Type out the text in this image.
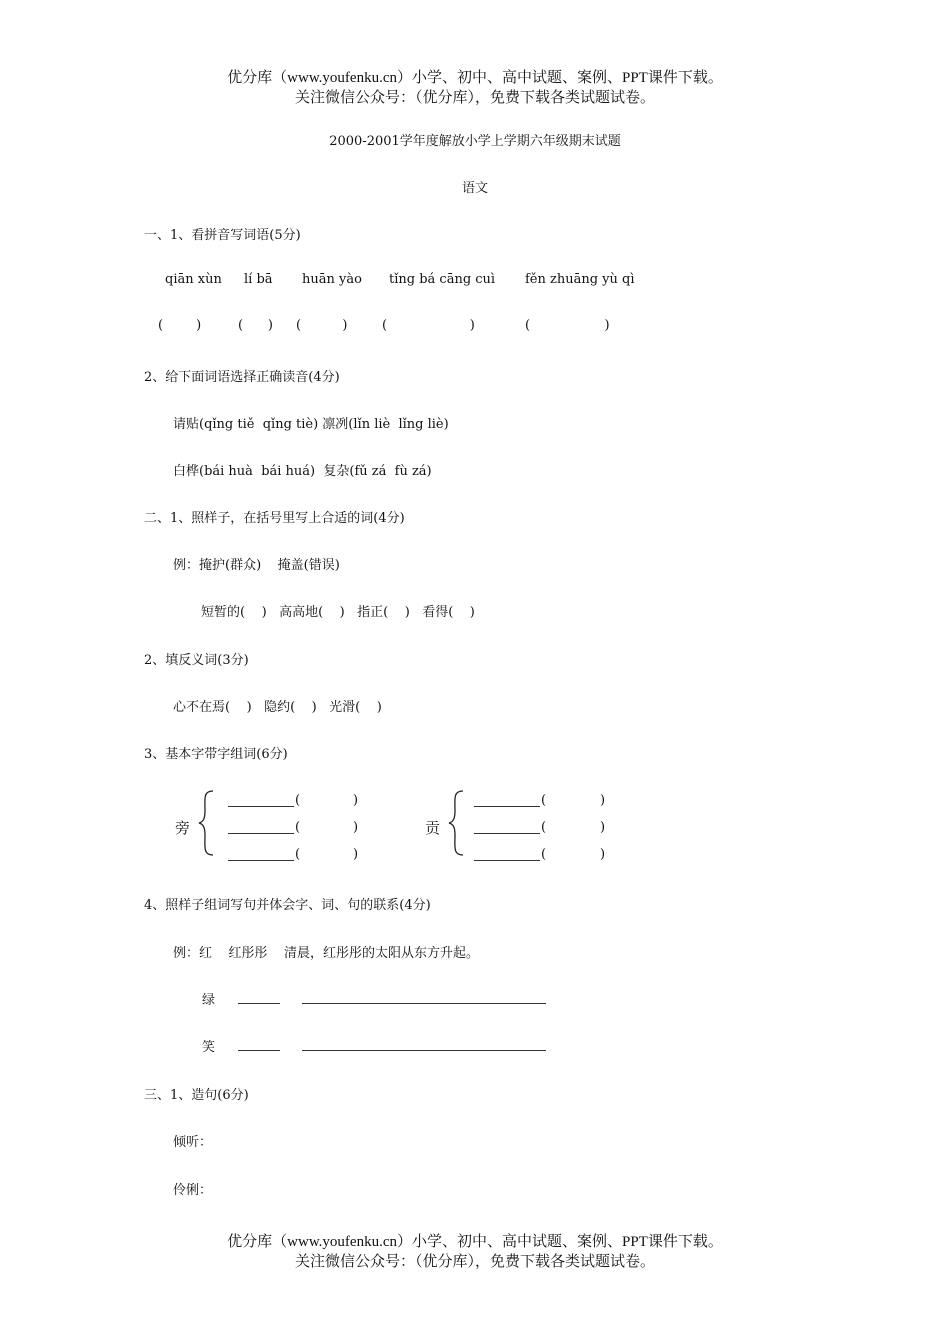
优分库（www.youfenku.cn）小学、初中、高中试题、案例、PPT课件下载。
关注微信公众号：（优分库），免费下载各类试题试卷。
2000-2001学年度解放小学上学期六年级期末试题
语文
一、1、看拼音写词语(5分)
qiān xùn lí bā huān yào tǐng bá cāng cuì fěn zhuāng yù qì
(        )	(      ) (          )	(                    )	(                  )
2、给下面词语选择正确读音(4分)
请贴(qǐng tiě  qǐng tiè) 凛冽(lǐn liè  lǐng liè)
白桦(bái huà  bái huá)  复杂(fǔ zá  fù zá)
二、1、照样子，在括号里写上合适的词(4分)
例：掩护(群众)    掩盖(错误)
短暂的(    )   高高地(    )   指正(    )   看得(    )
2、填反义词(3分)
心不在焉(    )   隐约(    )   光滑(    )
3、基本字带字组词(6分)
旁
(	)
(	)
(	)
贡
(	)
(	)
(	)
4、照样子组词写句并体会字、词、句的联系(4分)
例：红    红彤彤    清晨，红彤彤的太阳从东方升起。
绿
笑
三、1、造句(6分)
倾听：
伶俐：
优分库（www.youfenku.cn）小学、初中、高中试题、案例、PPT课件下载。
关注微信公众号：（优分库），免费下载各类试题试卷。
